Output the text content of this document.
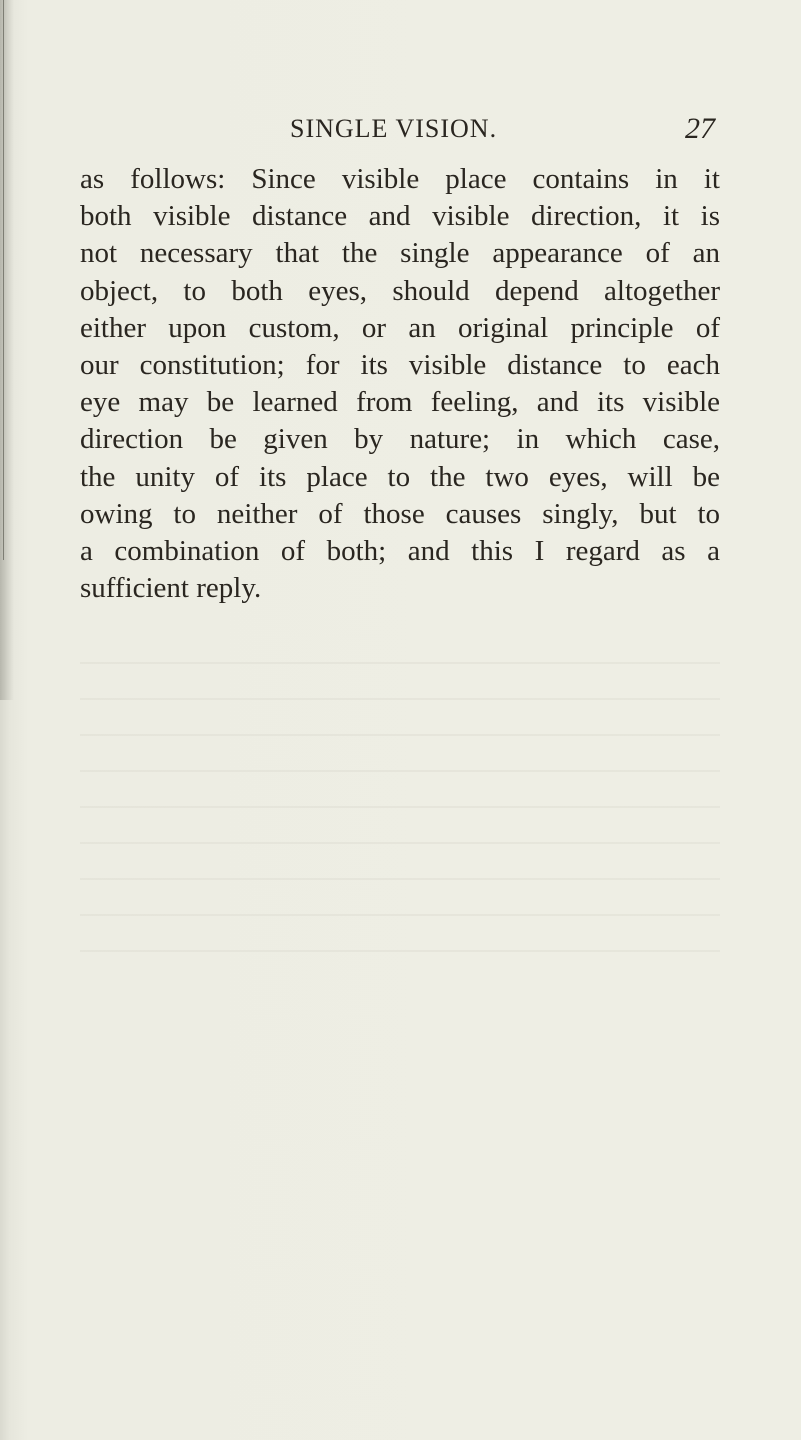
SINGLE VISION.	27

as follows: Since visible place contains in it
both visible distance and visible direction, it is
not necessary that the single appearance of an
object, to both eyes, should depend altogether
either upon custom, or an original principle of
our constitution; for its visible distance to each
eye may be learned from feeling, and its visible
direction be given by nature; in which case,
the unity of its place to the two eyes, will be
owing to neither of those causes singly, but to
a combination of both; and this I regard as a
sufficient reply.
